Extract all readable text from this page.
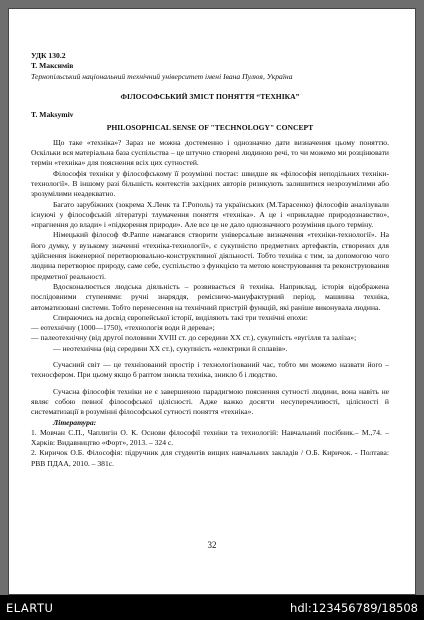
УДК 130.2

Т. Максимів

Тернопільський національний технічний університет імені Івана Пулюя, Україна

ФІЛОСОФСЬКИЙ ЗМІСТ ПОНЯТТЯ “ТЕХНІКА”

T. Maksymiv

PHILOSOPHICAL SENSE OF "TECHNOLOGY" CONCEPT

Що таке «техніка»? Зараз не можна достеменно і однозначно дати визначення цьому поняттю. Оскільки вся матеріальна база суспільства – це штучно створені людиною речі, то чи можемо ми розцінювати термін «техніка» для пояснення всіх цих сутностей.

Філософія техніки у філософському її розумінні постає: швидше як «філософія неподільних техніки-технології». В іншому разі більшість контекстів західних авторів ризикують залишитися незрозумілими або зрозумілими неадекватно.

Багато зарубіжних (зокрема Х.Ленк та Г.Рополь) та українських (М.Тарасенко) філософів аналізували існуючі у філософській літературі тлумачення поняття «техніка». А це і «прикладне природознавство», «прагнення до влади» і «підкорення природи». Але все це не дало однозначного розуміння цього терміну.

Німецький філософ Ф.Раппе намагався створити універсальне визначення «техніки-технології». На його думку, у вузькому значенні «техніка-технології», є сукупністю предметних артефактів, створених для здійснення інженерної перетворювально-конструктивної діяльності. Тобто техніка є тим, за допомогою чого людина перетворює природу, саме себе, суспільство з функцією та метою конструювання та реконструювання предметної реальності.

Вдосконалюється людська діяльність – розвивається й техніка. Наприклад, історія відображена послідовними ступенями: ручні знаряддя, ремісничо-мануфактурний період, машинна техніка, автоматизовані системи. Тобто перенесення на технічний пристрій функцій, які раніше виконувала людина.

Спираючись на досвід європейської історії, виділяють такі три технічні епохи:

— еотехнічну (1000—1750), «технологія води й дерева»;

— палеотехнічну (від другої половини XVIII ст. до середини XX ст.), сукупність «вугілля та заліза»;

— неотехнічна (від середини XX ст.), сукупність «електрики й сплавів».

Сучасний світ — це технізований простір і технологізований час, тобто ми можемо назвати його – техносфером. При цьому якщо б раптом зникла техніка, зникло б і людство.

Сучасна філософія техніки не є завершеною парадигмою пояснення сутності людини, вона навіть не являє собою певної філософської цілісності. Адже важко досягти несуперечливості, цілісності й систематизації в розумінні філософської сутності поняття «техніка».

Література:

1. Мовчан С.П., Чаплигін О. К. Основи філософії техніки та технологій: Навчальний посібник.– М.,74. – Харків: Видавництво «Форт», 2013. – 324 с.

2. Киричок О.Б. Філософія: підручник для студентів вищих навчальних закладів / О.Б. Киричок. - Полтава: РВВ ПДАА, 2010. – 381с.

32
ELARTU	hdl:123456789/18508
